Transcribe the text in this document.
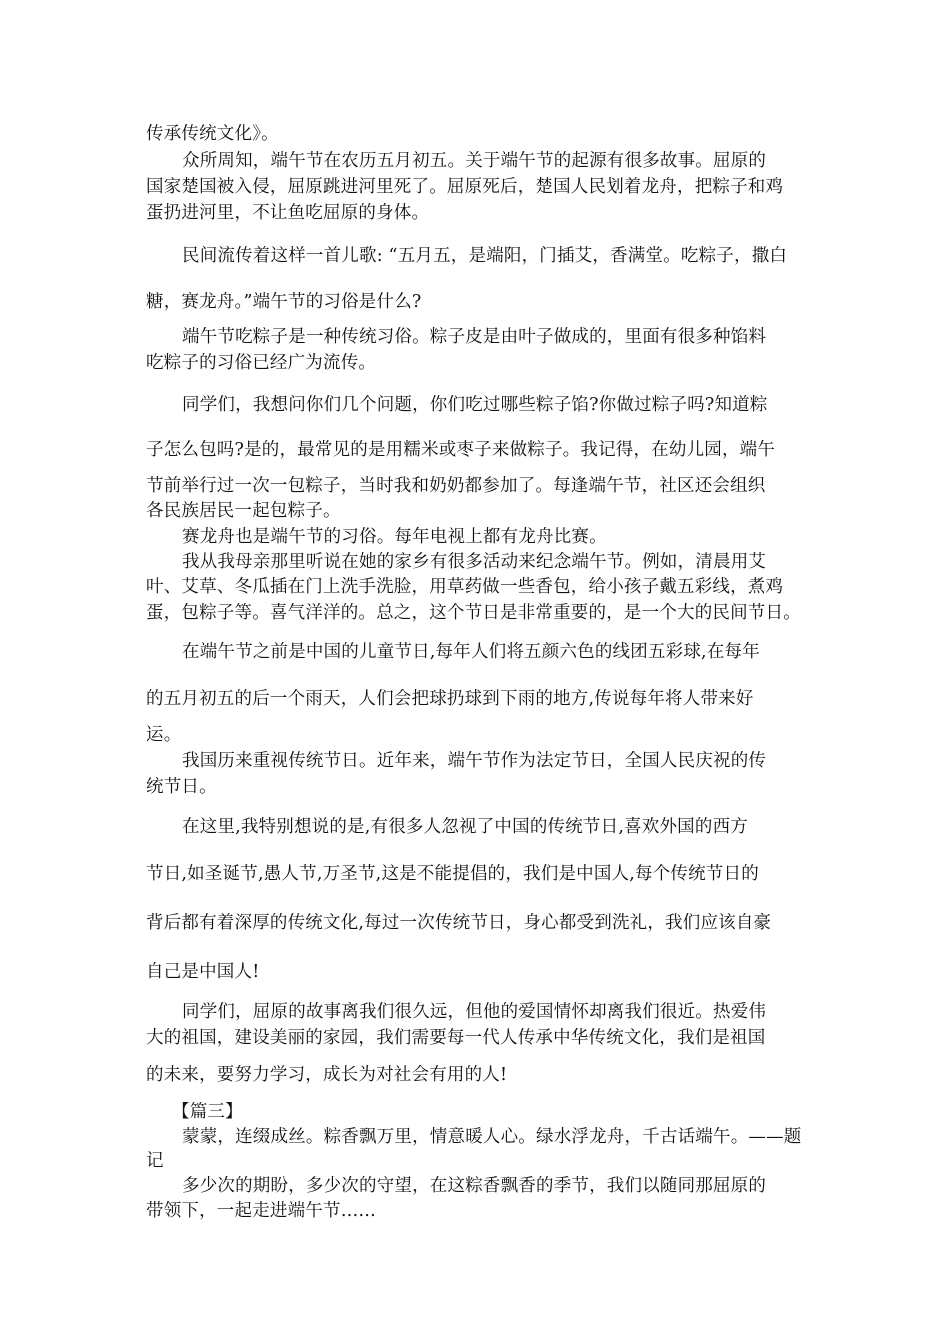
传承传统文化》。
众所周知，端午节在农历五月初五。关于端午节的起源有很多故事。屈原的
国家楚国被入侵，屈原跳进河里死了。屈原死后，楚国人民划着龙舟，把粽子和鸡
蛋扔进河里，不让鱼吃屈原的身体。
民间流传着这样一首儿歌: “五月五，是端阳，门插艾，香满堂。吃粽子，撒白
糖，赛龙舟。”端午节的习俗是什么?
端午节吃粽子是一种传统习俗。粽子皮是由叶子做成的，里面有很多种馅料
吃粽子的习俗已经广为流传。
同学们，我想问你们几个问题，你们吃过哪些粽子馅?你做过粽子吗?知道粽
子怎么包吗?是的，最常见的是用糯米或枣子来做粽子。我记得，在幼儿园，端午
节前举行过一次一包粽子，当时我和奶奶都参加了。每逢端午节，社区还会组织
各民族居民一起包粽子。
赛龙舟也是端午节的习俗。每年电视上都有龙舟比赛。
我从我母亲那里听说在她的家乡有很多活动来纪念端午节。例如，清晨用艾
叶、艾草、冬瓜插在门上洗手洗脸，用草药做一些香包，给小孩子戴五彩线，煮鸡
蛋，包粽子等。喜气洋洋的。总之，这个节日是非常重要的，是一个大的民间节日。
在端午节之前是中国的儿童节日,每年人们将五颜六色的线团五彩球,在每年
的五月初五的后一个雨天，人们会把球扔球到下雨的地方,传说每年将人带来好
运。
我国历来重视传统节日。近年来，端午节作为法定节日，全国人民庆祝的传
统节日。
在这里,我特别想说的是,有很多人忽视了中国的传统节日,喜欢外国的西方
节日,如圣诞节,愚人节,万圣节,这是不能提倡的，我们是中国人,每个传统节日的
背后都有着深厚的传统文化,每过一次传统节日，身心都受到洗礼，我们应该自豪
自己是中国人!
同学们，屈原的故事离我们很久远，但他的爱国情怀却离我们很近。热爱伟
大的祖国，建设美丽的家园，我们需要每一代人传承中华传统文化，我们是祖国
的未来，要努力学习，成长为对社会有用的人!
【篇三】
蒙蒙，连缀成丝。粽香飘万里，情意暖人心。绿水浮龙舟，千古话端午。——题
记
多少次的期盼，多少次的守望，在这粽香飘香的季节，我们以随同那屈原的
带领下，一起走进端午节……
